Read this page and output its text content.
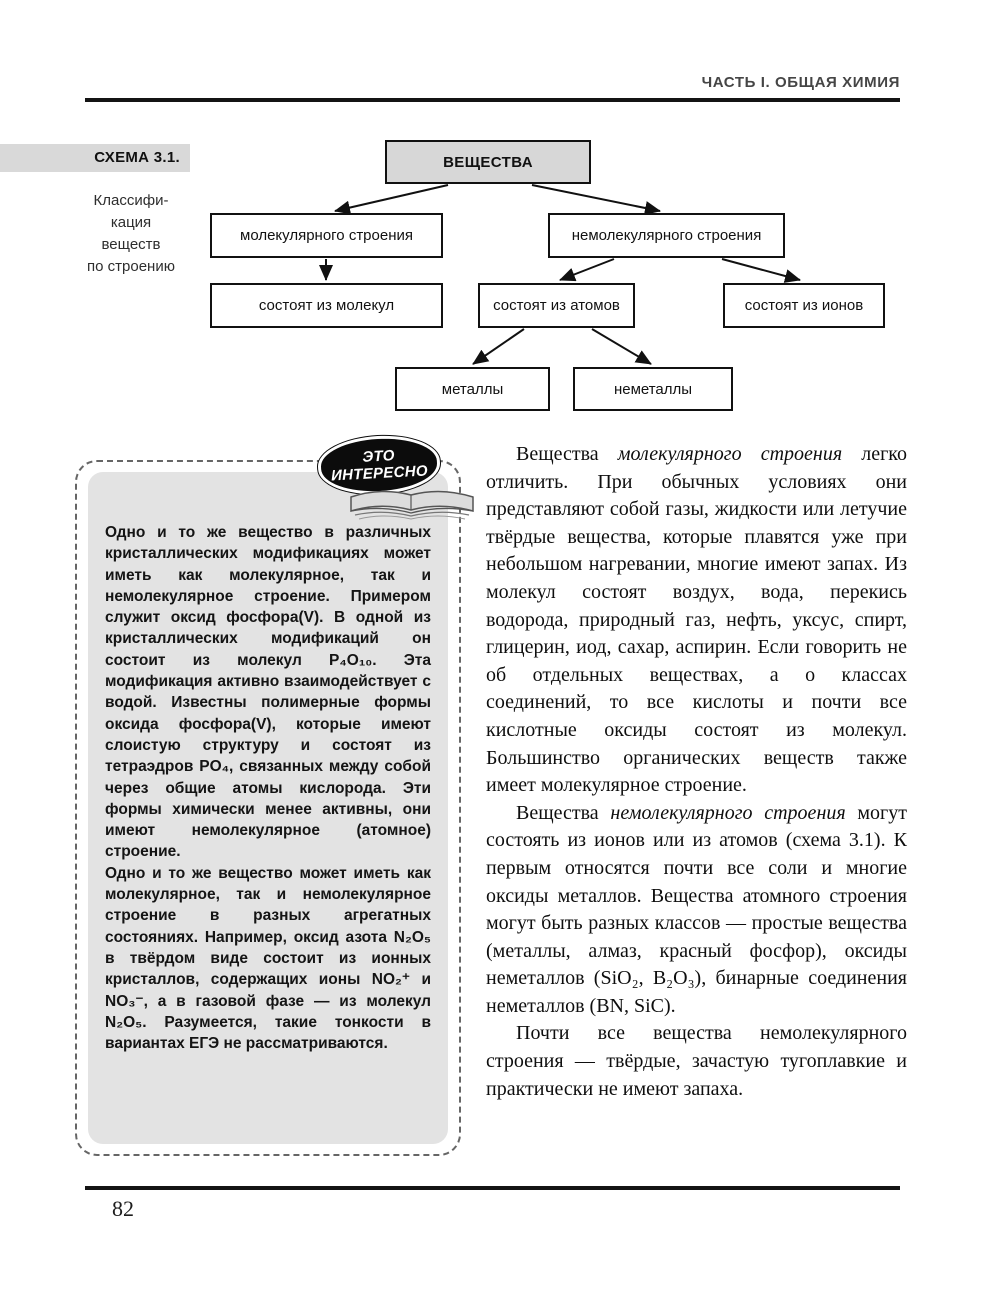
ЧАСТЬ I. ОБЩАЯ ХИМИЯ
СХЕМА 3.1.
Классифи-
кация
веществ
по строению
ВЕЩЕСТВА
молекулярного строения	немолекулярного строения
состоят из молекул	состоят из атомов	состоят из ионов
металлы	неметаллы

Одно и то же вещество в различных кристаллических модификациях может иметь как молекулярное, так и немолекулярное строение. Примером служит оксид фосфора(V). В одной из кристаллических модификаций он состоит из молекул P₄O₁₀. Эта модификация активно взаимодействует с водой. Известны полимерные формы оксида фосфора(V), которые имеют слоистую структуру и состоят из тетраэдров PO₄, связанных между собой через общие атомы кислорода. Эти формы химически менее активны, они имеют немолекулярное (атомное) строение.

Одно и то же вещество может иметь как молекулярное, так и немолекулярное строение в разных агрегатных состояниях. Например, оксид азота N₂O₅ в твёрдом виде состоит из ионных кристаллов, содержащих ионы NO₂⁺ и NO₃⁻, а в газовой фазе — из молекул N₂O₅. Разумеется, такие тонкости в вариантах ЕГЭ не рассматриваются.

ЭТО
ИНТЕРЕСНО

Вещества молекулярного строения легко отличить. При обычных условиях они представляют собой газы, жидкости или летучие твёрдые вещества, которые плавятся уже при небольшом нагревании, многие имеют запах. Из молекул состоят воздух, вода, перекись водорода, природный газ, нефть, уксус, спирт, глицерин, иод, сахар, аспирин. Если говорить не об отдельных веществах, а о классах соединений, то все кислоты и почти все кислотные оксиды состоят из молекул. Большинство органических веществ также имеет молекулярное строение.

Вещества немолекулярного строения могут состоять из ионов или из атомов (схема 3.1). К первым относятся почти все соли и многие оксиды металлов. Вещества атомного строения могут быть разных классов — простые вещества (металлы, алмаз, красный фосфор), оксиды неметаллов (SiO₂, B₂O₃), бинарные соединения неметаллов (BN, SiC).

Почти все вещества немолекулярного строения — твёрдые, зачастую тугоплавкие и практически не имеют запаха.

82
